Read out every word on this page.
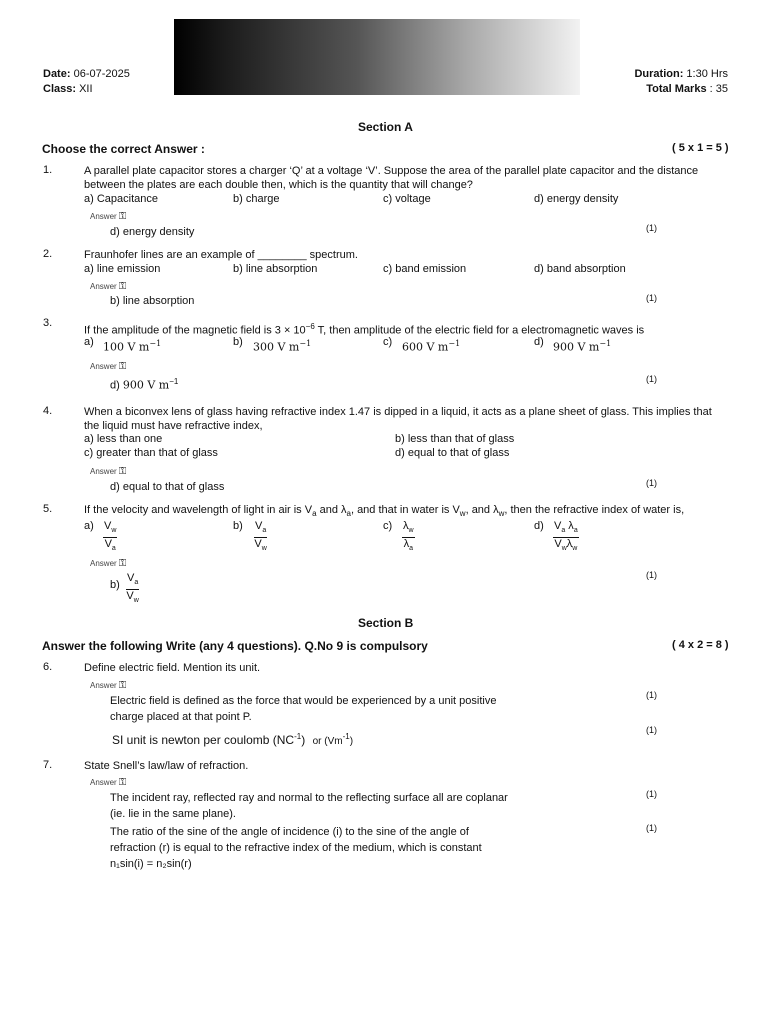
Date: 06-07-2025
Class: XII
Duration: 1:30 Hrs
Total Marks : 35
Section A
Choose the correct Answer :	( 5 x 1 = 5 )
1.	A parallel plate capacitor stores a charger ‘Q’ at a voltage ‘V’. Suppose the area of the parallel plate capacitor and the distance
between the plates are each double then, which is the quantity that will change?
a) Capacitance	b) charge	c) voltage	d) energy density
Answer ⚿
d) energy density	(1)
2.	Fraunhofer lines are an example of ________ spectrum.
a) line emission	b) line absorption	c) band emission	d) band absorption
Answer ⚿
b) line absorption	(1)
3.
If the amplitude of the magnetic field is $3 \times 10^{-6}$ T, then amplitude of the electric field for a electromagnetic waves is
a) 100 V $m^{-1}$	b) 300 V $m^{-1}$	c) 600 V $m^{-1}$	d) 900 V $m^{-1}$
Answer ⚿
d) 900 V $m^{-1}$	(1)
4.	When a biconvex lens of glass having refractive index 1.47 is dipped in a liquid, it acts as a plane sheet of glass. This implies that
the liquid must have refractive index,
a) less than one	b) less than that of glass
c) greater than that of glass	d) equal to that of glass
Answer ⚿
d) equal to that of glass	(1)
5.	If the velocity and wavelength of light in air is $V_a$ and $\lambda_a$, and that in water is $V_w$, and $\lambda_w$, then the refractive index of water is,
$a) \frac{V_w}{V_a}$	$b) \frac{V_a}{V_w}$	$c) \frac{\lambda_w}{\lambda_a}$	d) $V_a$ $\lambda_a$
$V_w\lambda_w$
Answer ⚿
$b) \frac{V_a}{V_w}$	(1)
Section B
Answer the following Write (any 4 questions). Q.No 9 is compulsory	( 4 x 2 = 8 )
6.	Define electric field. Mention its unit.
Answer ⚿
Electric field is defined as the force that would be experienced by a unit positive
charge placed at that point P.
SI unit is newton per coulomb $(NC^{-1})$ or $(Vm^{-1})$
(1)
(1)
7.	State Snell’s law/law of refraction.
Answer ⚿
The incident ray, reflected ray and normal to the reflecting surface all are coplanar
(ie. lie in the same plane).
The ratio of the sine of the angle of incidence (i) to the sine of the angle of
refraction (r) is equal to the refractive index of the medium, which is constant
n₁sin(i) = n₂sin(r)
(1)
(1)
